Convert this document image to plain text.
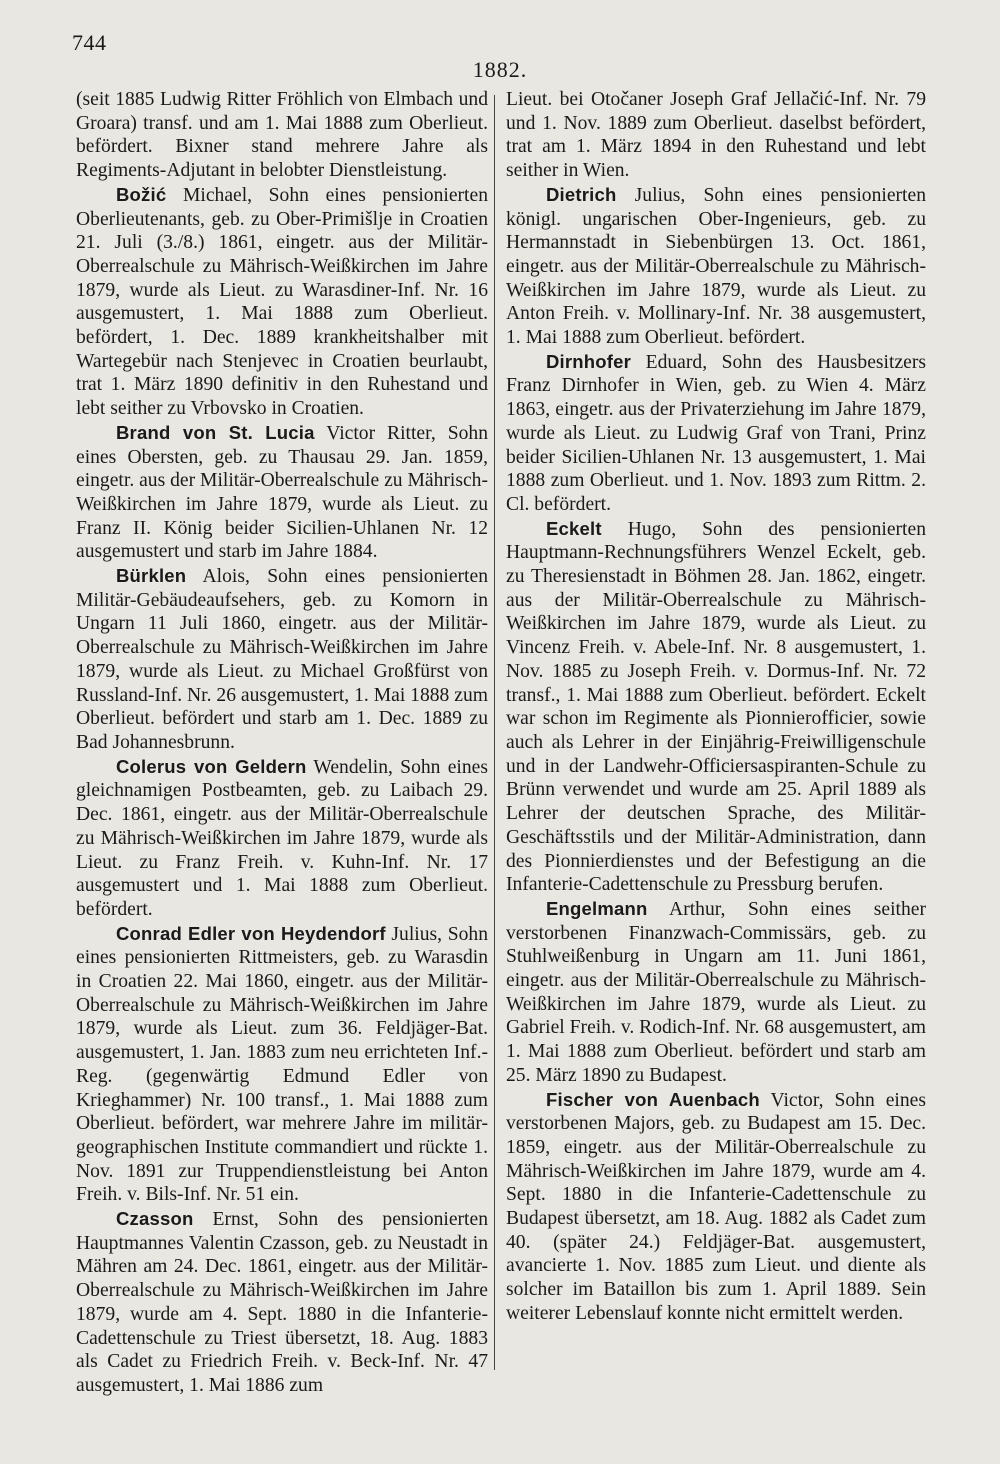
744
1882.

(seit 1885 Ludwig Ritter Fröhlich von Elmbach und Groara) transf. und am 1. Mai 1888 zum Oberlieut. befördert. Bixner stand mehrere Jahre als Regiments-Adjutant in belobter Dienstleistung.

Božić Michael, Sohn eines pensionierten Oberlieutenants, geb. zu Ober-Primišlje in Croatien 21. Juli (3./8.) 1861, eingetr. aus der Militär-Oberrealschule zu Mährisch-Weißkirchen im Jahre 1879, wurde als Lieut. zu Warasdiner-Inf. Nr. 16 ausgemustert, 1. Mai 1888 zum Oberlieut. befördert, 1. Dec. 1889 krankheitshalber mit Wartegebür nach Stenjevec in Croatien beurlaubt, trat 1. März 1890 definitiv in den Ruhestand und lebt seither zu Vrbovsko in Croatien.

Brand von St. Lucia Victor Ritter, Sohn eines Obersten, geb. zu Thausau 29. Jan. 1859, eingetr. aus der Militär-Oberrealschule zu Mährisch-Weißkirchen im Jahre 1879, wurde als Lieut. zu Franz II. König beider Sicilien-Uhlanen Nr. 12 ausgemustert und starb im Jahre 1884.

Bürklen Alois, Sohn eines pensionierten Militär-Gebäudeaufsehers, geb. zu Komorn in Ungarn 11 Juli 1860, eingetr. aus der Militär-Oberrealschule zu Mährisch-Weißkirchen im Jahre 1879, wurde als Lieut. zu Michael Großfürst von Russland-Inf. Nr. 26 ausgemustert, 1. Mai 1888 zum Oberlieut. befördert und starb am 1. Dec. 1889 zu Bad Johannesbrunn.

Colerus von Geldern Wendelin, Sohn eines gleichnamigen Postbeamten, geb. zu Laibach 29. Dec. 1861, eingetr. aus der Militär-Oberrealschule zu Mährisch-Weißkirchen im Jahre 1879, wurde als Lieut. zu Franz Freih. v. Kuhn-Inf. Nr. 17 ausgemustert und 1. Mai 1888 zum Oberlieut. befördert.

Conrad Edler von Heydendorf Julius, Sohn eines pensionierten Rittmeisters, geb. zu Warasdin in Croatien 22. Mai 1860, eingetr. aus der Militär-Oberrealschule zu Mährisch-Weißkirchen im Jahre 1879, wurde als Lieut. zum 36. Feldjäger-Bat. ausgemustert, 1. Jan. 1883 zum neu errichteten Inf.-Reg. (gegenwärtig Edmund Edler von Krieghammer) Nr. 100 transf., 1. Mai 1888 zum Oberlieut. befördert, war mehrere Jahre im militär-geographischen Institute commandiert und rückte 1. Nov. 1891 zur Truppendienstleistung bei Anton Freih. v. Bils-Inf. Nr. 51 ein.

Czasson Ernst, Sohn des pensionierten Hauptmannes Valentin Czasson, geb. zu Neustadt in Mähren am 24. Dec. 1861, eingetr. aus der Militär-Oberrealschule zu Mährisch-Weißkirchen im Jahre 1879, wurde am 4. Sept. 1880 in die Infanterie-Cadettenschule zu Triest übersetzt, 18. Aug. 1883 als Cadet zu Friedrich Freih. v. Beck-Inf. Nr. 47 ausgemustert, 1. Mai 1886 zum

Lieut. bei Otočaner Joseph Graf Jellačić-Inf. Nr. 79 und 1. Nov. 1889 zum Oberlieut. daselbst befördert, trat am 1. März 1894 in den Ruhestand und lebt seither in Wien.

Dietrich Julius, Sohn eines pensionierten königl. ungarischen Ober-Ingenieurs, geb. zu Hermannstadt in Siebenbürgen 13. Oct. 1861, eingetr. aus der Militär-Oberrealschule zu Mährisch-Weißkirchen im Jahre 1879, wurde als Lieut. zu Anton Freih. v. Mollinary-Inf. Nr. 38 ausgemustert, 1. Mai 1888 zum Oberlieut. befördert.

Dirnhofer Eduard, Sohn des Hausbesitzers Franz Dirnhofer in Wien, geb. zu Wien 4. März 1863, eingetr. aus der Privaterziehung im Jahre 1879, wurde als Lieut. zu Ludwig Graf von Trani, Prinz beider Sicilien-Uhlanen Nr. 13 ausgemustert, 1. Mai 1888 zum Oberlieut. und 1. Nov. 1893 zum Rittm. 2. Cl. befördert.

Eckelt Hugo, Sohn des pensionierten Hauptmann-Rechnungsführers Wenzel Eckelt, geb. zu Theresienstadt in Böhmen 28. Jan. 1862, eingetr. aus der Militär-Oberrealschule zu Mährisch-Weißkirchen im Jahre 1879, wurde als Lieut. zu Vincenz Freih. v. Abele-Inf. Nr. 8 ausgemustert, 1. Nov. 1885 zu Joseph Freih. v. Dormus-Inf. Nr. 72 transf., 1. Mai 1888 zum Oberlieut. befördert. Eckelt war schon im Regimente als Pionnierofficier, sowie auch als Lehrer in der Einjährig-Freiwilligenschule und in der Landwehr-Officiersaspiranten-Schule zu Brünn verwendet und wurde am 25. April 1889 als Lehrer der deutschen Sprache, des Militär-Geschäftsstils und der Militär-Administration, dann des Pionnierdienstes und der Befestigung an die Infanterie-Cadettenschule zu Pressburg berufen.

Engelmann Arthur, Sohn eines seither verstorbenen Finanzwach-Commissärs, geb. zu Stuhlweißenburg in Ungarn am 11. Juni 1861, eingetr. aus der Militär-Oberrealschule zu Mährisch-Weißkirchen im Jahre 1879, wurde als Lieut. zu Gabriel Freih. v. Rodich-Inf. Nr. 68 ausgemustert, am 1. Mai 1888 zum Oberlieut. befördert und starb am 25. März 1890 zu Budapest.

Fischer von Auenbach Victor, Sohn eines verstorbenen Majors, geb. zu Budapest am 15. Dec. 1859, eingetr. aus der Militär-Oberrealschule zu Mährisch-Weißkirchen im Jahre 1879, wurde am 4. Sept. 1880 in die Infanterie-Cadettenschule zu Budapest übersetzt, am 18. Aug. 1882 als Cadet zum 40. (später 24.) Feldjäger-Bat. ausgemustert, avancierte 1. Nov. 1885 zum Lieut. und diente als solcher im Bataillon bis zum 1. April 1889. Sein weiterer Lebenslauf konnte nicht ermittelt werden.
